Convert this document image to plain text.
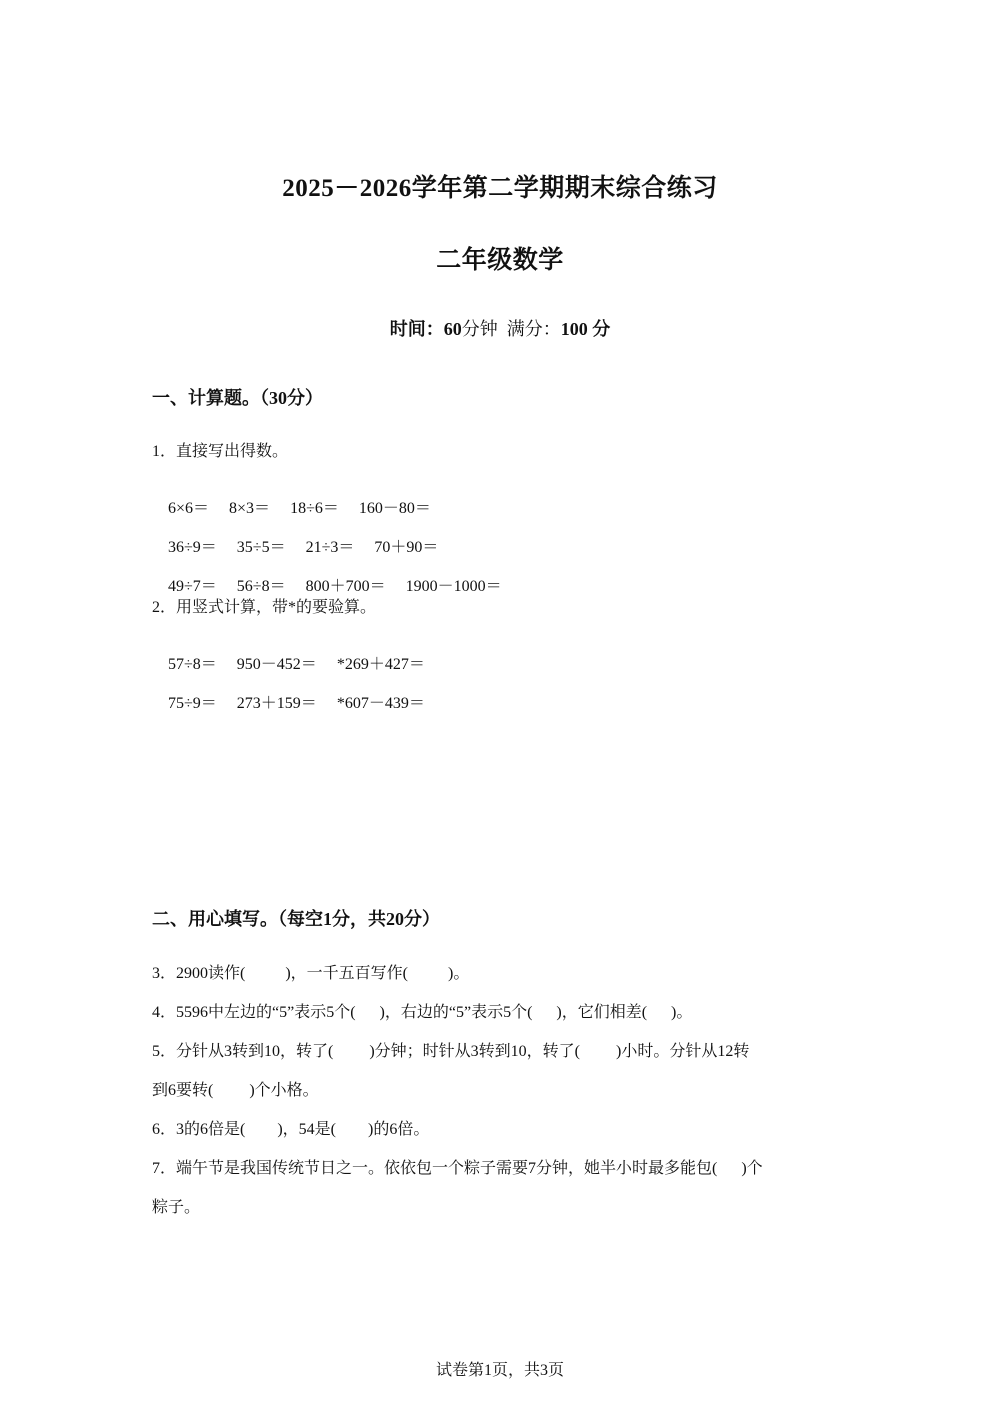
2025－2026学年第二学期期末综合练习
二年级数学
时间：60分钟 满分：100 分
一、计算题。（30分）
1．直接写出得数。

6×6＝ 8×3＝ 18÷6＝ 160－80＝

36÷9＝ 35÷5＝ 21÷3＝ 70＋90＝

49÷7＝ 56÷8＝ 800＋700＝ 1900－1000＝

2．用竖式计算，带*的要验算。

57÷8＝ 950－452＝ *269＋427＝

75÷9＝ 273＋159＝ *607－439＝

二、用心填写。（每空1分，共20分）
3．2900读作(          )，一千五百写作(          )。
4．5596中左边的“5”表示5个(      )，右边的“5”表示5个(      )，它们相差(      )。
5．分针从3转到10，转了(         )分钟；时针从3转到10，转了(         )小时。分针从12转
到6要转(         )个小格。
6．3的6倍是(        )，54是(        )的6倍。
7．端午节是我国传统节日之一。依依包一个粽子需要7分钟，她半小时最多能包(      )个
粽子。
试卷第1页，共3页
